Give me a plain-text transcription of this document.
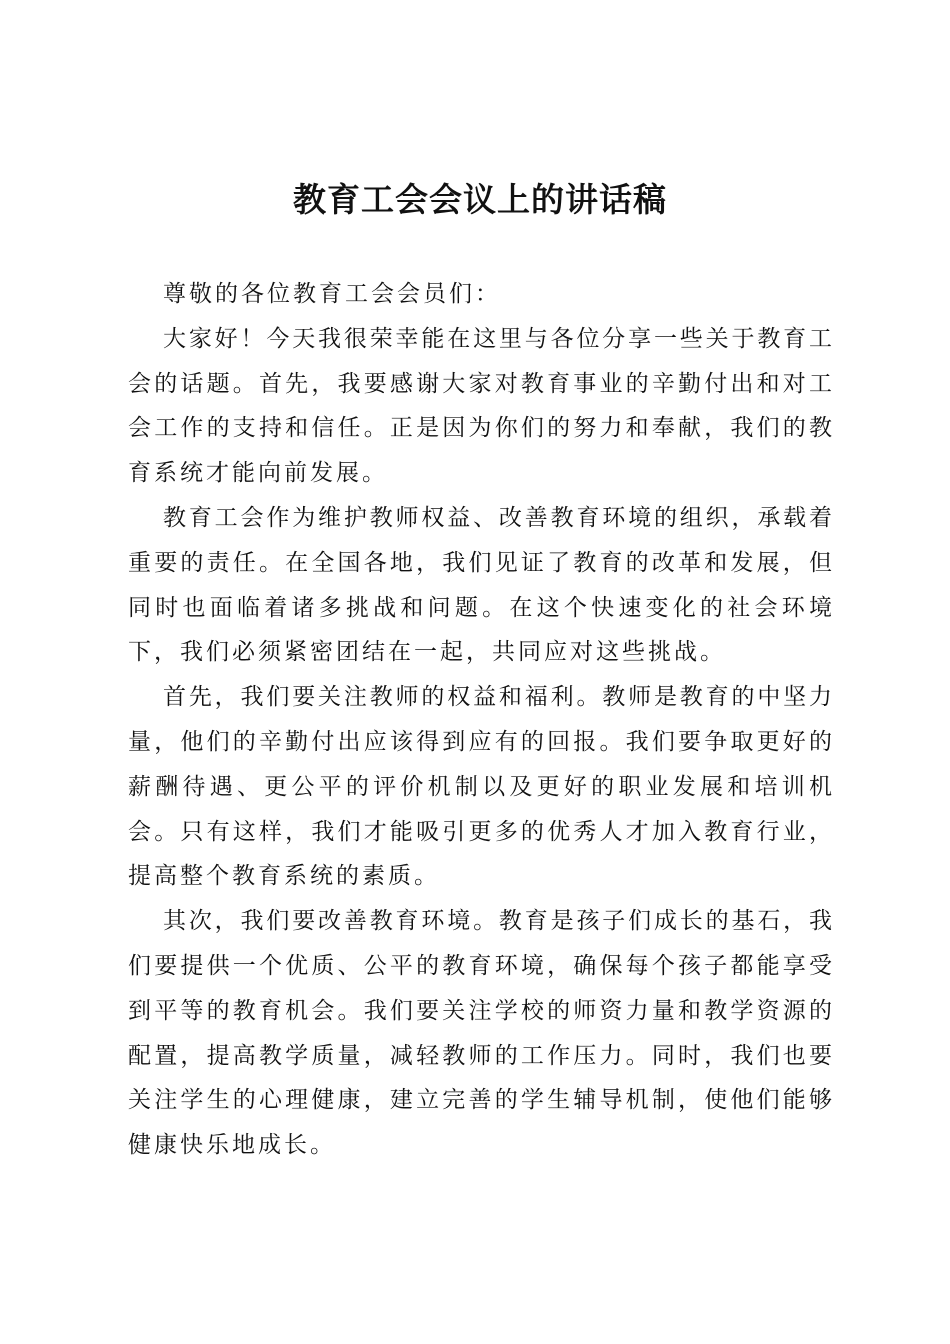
教育工会会议上的讲话稿
尊敬的各位教育工会会员们：
大家好！今天我很荣幸能在这里与各位分享一些关于教育工
会的话题。首先，我要感谢大家对教育事业的辛勤付出和对工
会工作的支持和信任。正是因为你们的努力和奉献，我们的教
育系统才能向前发展。
教育工会作为维护教师权益、改善教育环境的组织，承载着
重要的责任。在全国各地，我们见证了教育的改革和发展，但
同时也面临着诸多挑战和问题。在这个快速变化的社会环境
下，我们必须紧密团结在一起，共同应对这些挑战。
首先，我们要关注教师的权益和福利。教师是教育的中坚力
量，他们的辛勤付出应该得到应有的回报。我们要争取更好的
薪酬待遇、更公平的评价机制以及更好的职业发展和培训机
会。只有这样，我们才能吸引更多的优秀人才加入教育行业，
提高整个教育系统的素质。
其次，我们要改善教育环境。教育是孩子们成长的基石，我
们要提供一个优质、公平的教育环境，确保每个孩子都能享受
到平等的教育机会。我们要关注学校的师资力量和教学资源的
配置，提高教学质量，减轻教师的工作压力。同时，我们也要
关注学生的心理健康，建立完善的学生辅导机制，使他们能够
健康快乐地成长。
